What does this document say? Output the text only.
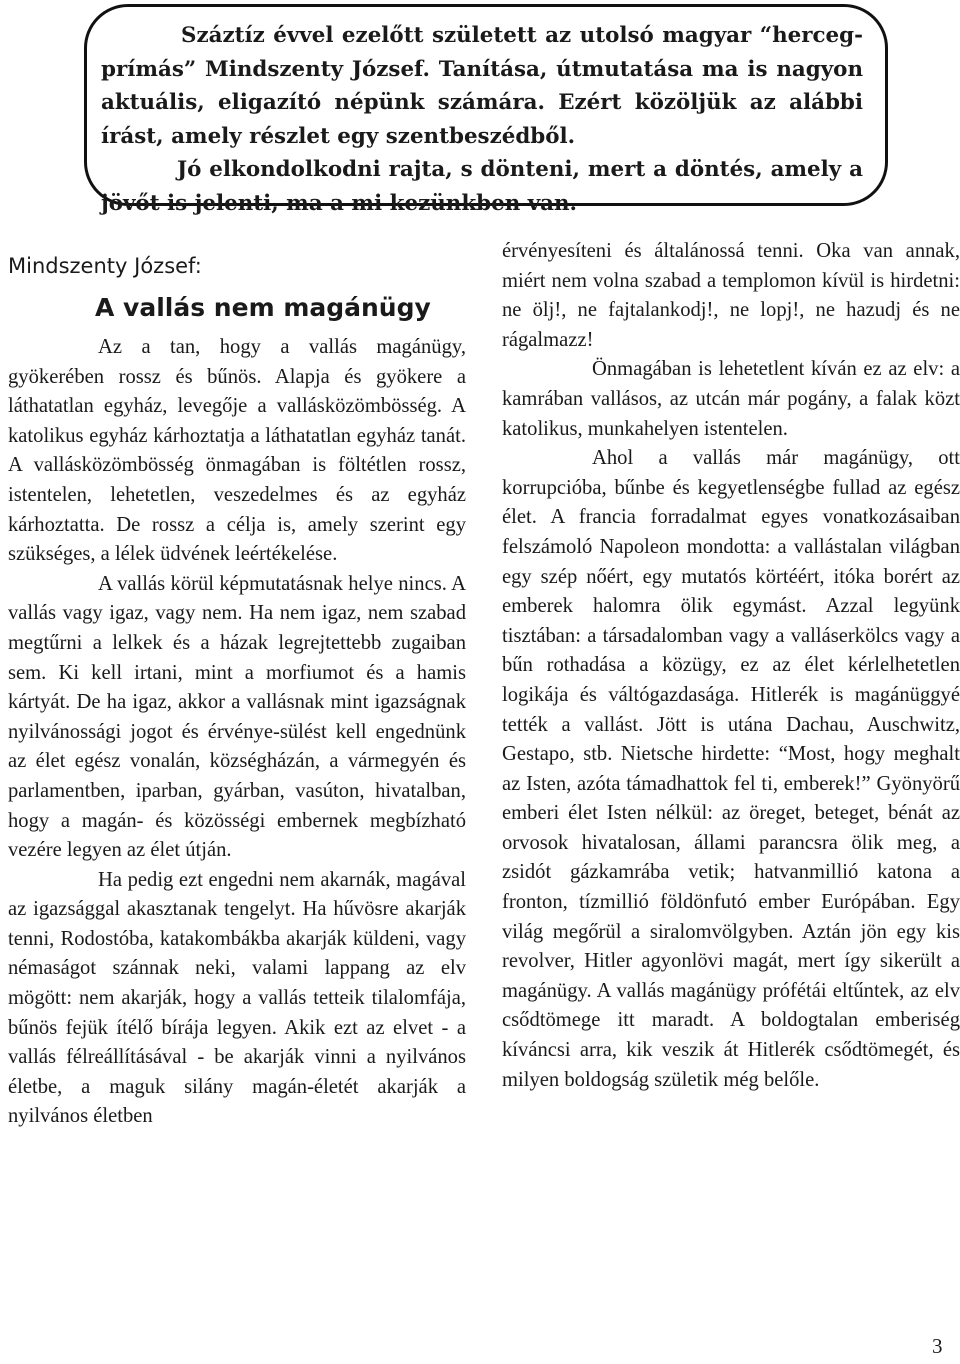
Száztíz évvel ezelőtt született az utolsó magyar “hercegprímás” Mindszenty József. Tanítása, útmutatása ma is nagyon aktuális, eligazító népünk számára. Ezért közöljük az alábbi írást, amely részlet egy szentbeszédből.

Jó elkondolkodni rajta, s dönteni, mert a döntés, amely a jövőt is jelenti, ma a mi kezünkben van.

Mindszenty József:
A vallás nem magánügy

Az a tan, hogy a vallás magánügy, gyökerében rossz és bűnös. Alapja és gyökere a láthatatlan egyház, levegője a vallásközömbösség. A katolikus egyház kárhoztatja a láthatatlan egyház tanát. A vallásközömbösség önmagában is föltétlen rossz, istentelen, lehetetlen, veszedelmes és az egyház kárhoztatta. De rossz a célja is, amely szerint egy szükséges, a lélek üdvének leértékelése.

A vallás körül képmutatásnak helye nincs. A vallás vagy igaz, vagy nem. Ha nem igaz, nem szabad megtűrni a lelkek és a házak legrejtettebb zugaiban sem. Ki kell irtani, mint a morfiumot és a hamis kártyát. De ha igaz, akkor a vallásnak mint igazságnak nyilvánossági jogot és érvénye-sülést kell engednünk az élet egész vonalán, községházán, a vármegyén és parlamentben, iparban, gyárban, vasúton, hivatalban, hogy a magán- és közösségi embernek megbízható vezére legyen az élet útján.

Ha pedig ezt engedni nem akarnák, magával az igazsággal akasztanak tengelyt. Ha hűvösre akarják tenni, Rodostóba, katakombákba akarják küldeni, vagy némaságot szánnak neki, valami lappang az elv mögött: nem akarják, hogy a vallás tetteik tilalomfája, bűnös fejük ítélő bírája legyen. Akik ezt az elvet - a vallás félreállításával - be akarják vinni a nyilvános életbe, a maguk silány magán-életét akarják a nyilvános életben

érvényesíteni és általánossá tenni. Oka van annak, miért nem volna szabad a templomon kívül is hirdetni: ne ölj!, ne fajtalankodj!, ne lopj!, ne hazudj és ne rágalmazz!

Önmagában is lehetetlent kíván ez az elv: a kamrában vallásos, az utcán már pogány, a falak közt katolikus, munkahelyen istentelen.

Ahol a vallás már magánügy, ott korrupcióba, bűnbe és kegyetlenségbe fullad az egész élet. A francia forradalmat egyes vonatkozásaiban felszámoló Napoleon mondotta: a vallástalan világban egy szép nőért, egy mutatós körtéért, itóka borért az emberek halomra ölik egymást. Azzal legyünk tisztában: a társadalomban vagy a valláserkölcs vagy a bűn rothadása a közügy, ez az élet kérlelhetetlen logikája és váltógazdasága. Hitlerék is magánüggyé tették a vallást. Jött is utána Dachau, Auschwitz, Gestapo, stb. Nietsche hirdette: “Most, hogy meghalt az Isten, azóta támadhattok fel ti, emberek!” Gyönyörű emberi élet Isten nélkül: az öreget, beteget, bénát az orvosok hivatalosan, állami parancsra ölik meg, a zsidót gázkamrába vetik; hatvanmillió katona a fronton, tízmillió földönfutó ember Európában. Egy világ megőrül a siralomvölgyben. Aztán jön egy kis revolver, Hitler agyonlövi magát, mert így sikerült a magánügy. A vallás magánügy prófétái eltűntek, az elv csődtömege itt maradt. A boldogtalan emberiség kíváncsi arra, kik veszik át Hitlerék csődtömegét, és milyen boldogság születik még belőle.

3
